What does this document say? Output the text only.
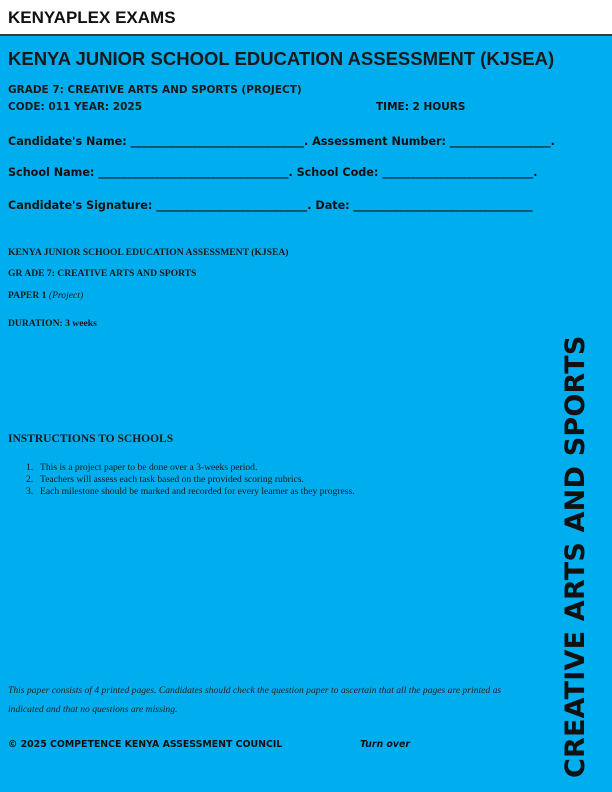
KENYAPLEX EXAMS
KENYA JUNIOR SCHOOL EDUCATION ASSESSMENT (KJSEA)
GRADE 7: CREATIVE ARTS AND SPORTS (PROJECT)
CODE: 011 YEAR: 2025	TIME: 2 HOURS
Candidate's Name: _______________________________. Assessment Number: __________________.
School Name: __________________________________. School Code: ___________________________.
Candidate's Signature: ___________________________. Date: ________________________________
KENYA JUNIOR SCHOOL EDUCATION ASSESSMENT (KJSEA)
GR ADE 7: CREATIVE ARTS AND SPORTS
PAPER 1 (Project)
DURATION: 3 weeks
INSTRUCTIONS TO SCHOOLS
1. This is a project paper to be done over a 3-weeks period.
2. Teachers will assess each task based on the provided scoring rubrics.
3. Each milestone should be marked and recorded for every learner as they progress.
This paper consists of 4 printed pages. Candidates should check the question paper to ascertain that all the pages are printed as
indicated and that no questions are missing.
© 2025 COMPETENCE KENYA ASSESSMENT COUNCIL	Turn over	CREATIVE ARTS AND SPORTS
